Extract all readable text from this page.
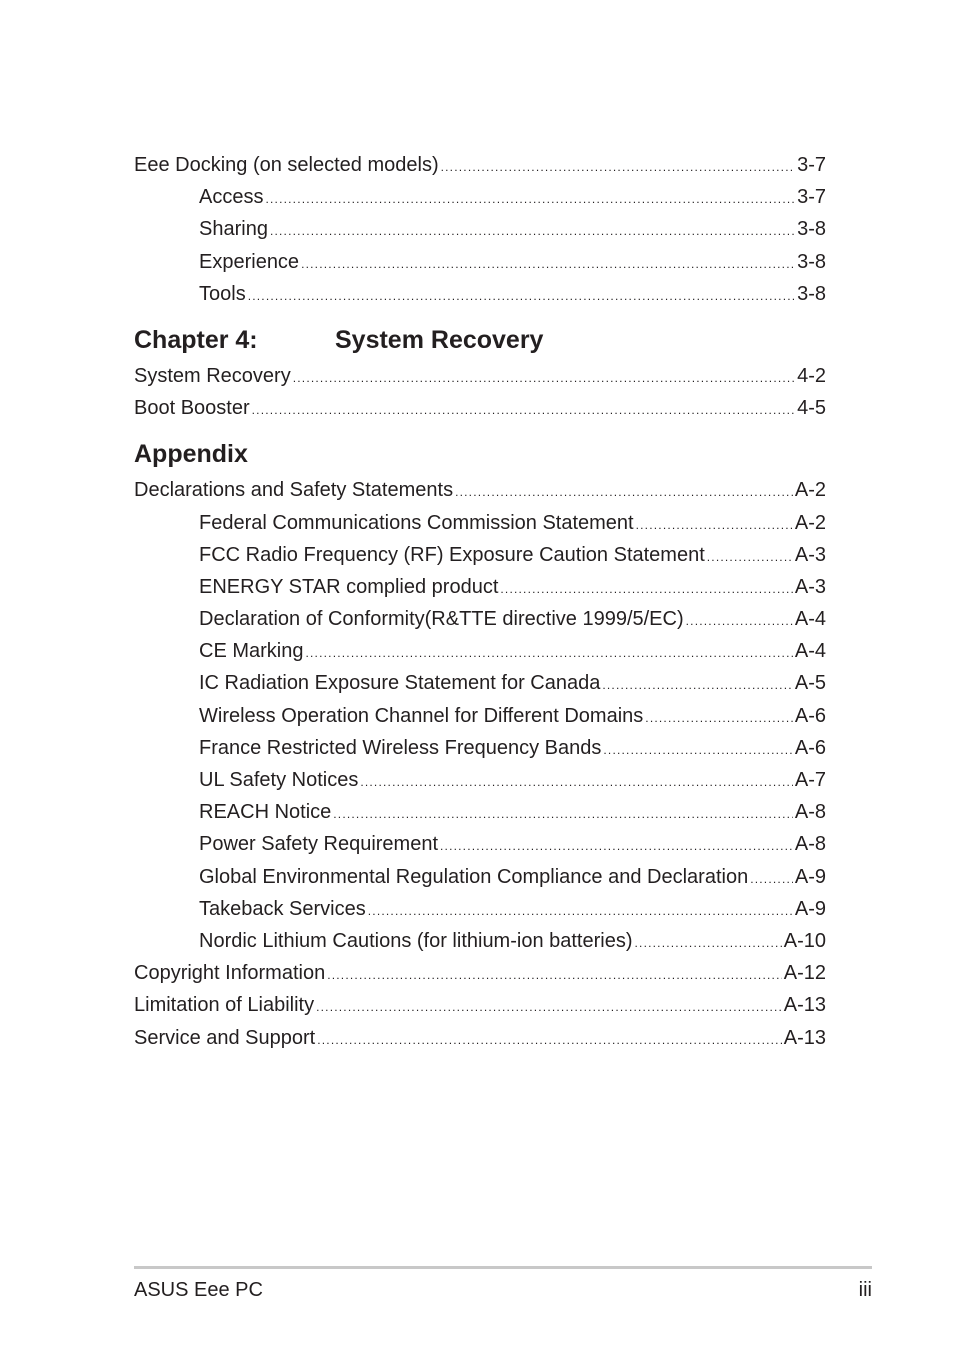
Eee Docking (on selected models) .....	3-7
Access .....	3-7
Sharing .....	3-8
Experience .....	3-8
Tools .....	3-8
Chapter 4:	System Recovery
System Recovery .....	4-2
Boot Booster .....	4-5
Appendix
Declarations and Safety Statements .....	A-2
Federal Communications Commission Statement .....	A-2
FCC Radio Frequency (RF) Exposure Caution Statement .....	A-3
ENERGY STAR complied product .....	A-3
Declaration of Conformity(R&TTE directive 1999/5/EC) .....	A-4
CE Marking .....	A-4
IC Radiation Exposure Statement for Canada .....	A-5
Wireless Operation Channel for Different Domains .....	A-6
France Restricted Wireless Frequency Bands .....	A-6
UL Safety Notices .....	A-7
REACH Notice .....	A-8
Power Safety Requirement .....	A-8
Global Environmental Regulation Compliance and Declaration ..... A-9
Takeback Services .....	A-9
Nordic Lithium Cautions (for lithium-ion batteries) .....	A-10
Copyright Information .....	A-12
Limitation of Liability .....	A-13
Service and Support .....	A-13
ASUS Eee PC	iii
